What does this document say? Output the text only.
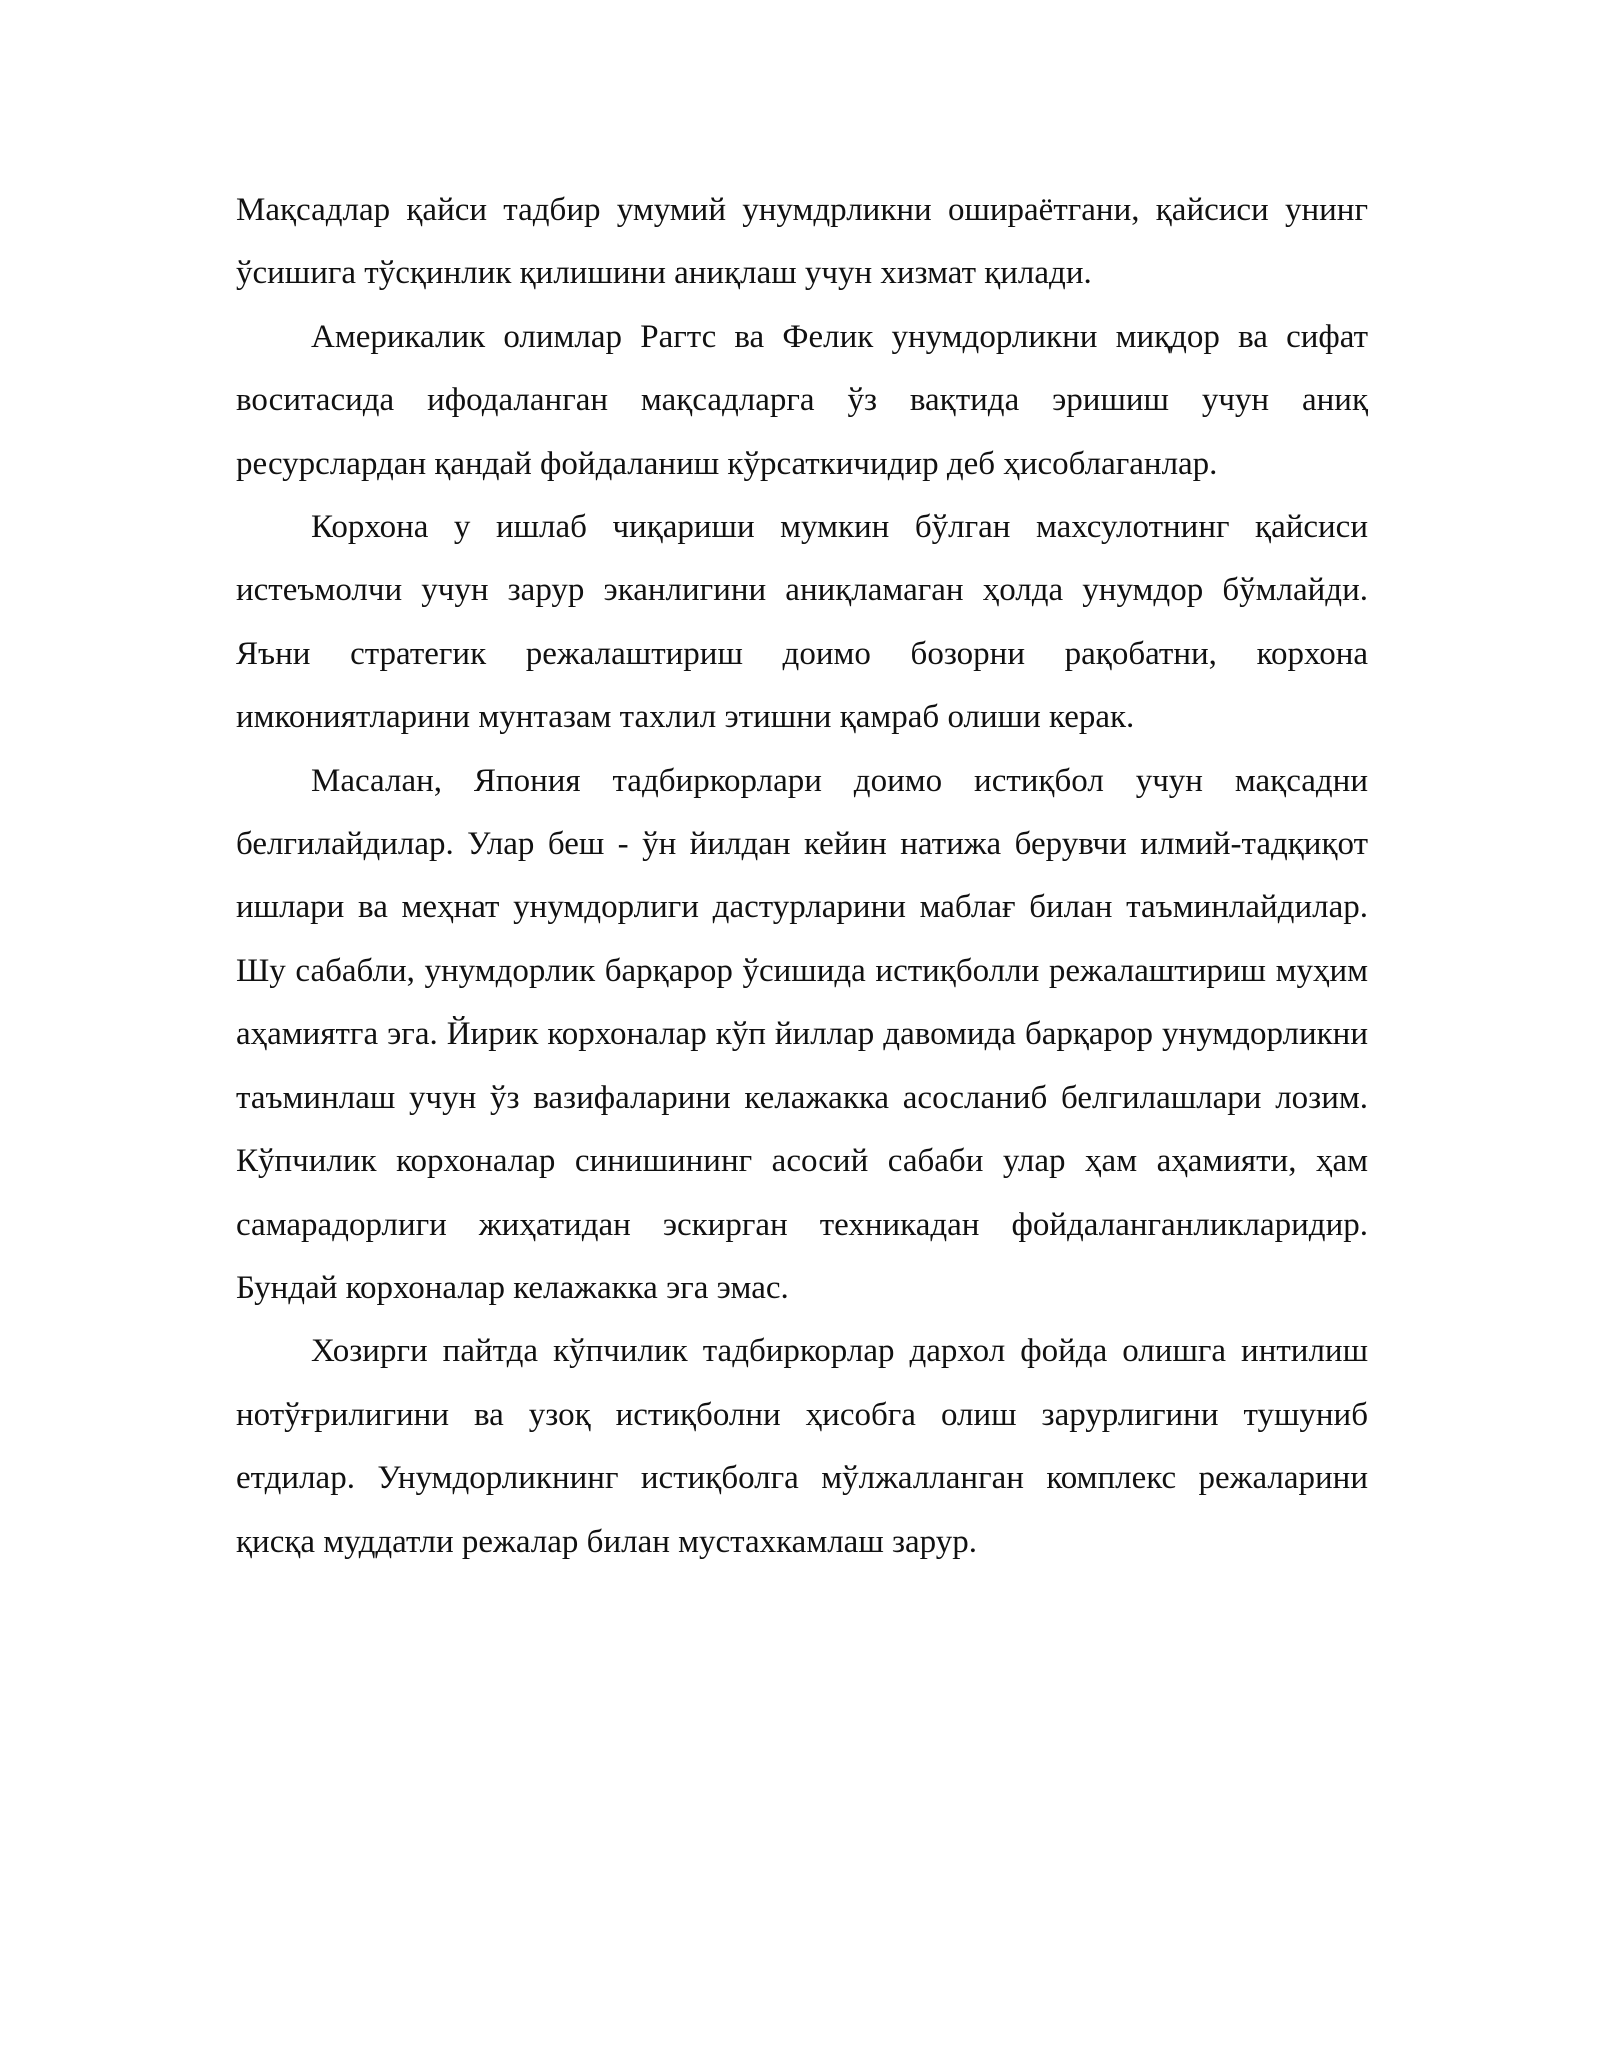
Мақсадлар қайси тадбир умумий унумдрликни ошираётгани, қайсиси унинг ўсишига тўсқинлик қилишини аниқлаш учун хизмат қилади.

Америкалик олимлар Рагтс ва Фелик унумдорликни миқдор ва сифат воситасида ифодаланган мақсадларга ўз вақтида эришиш учун аниқ ресурслардан қандай фойдаланиш кўрсаткичидир деб ҳисоблаганлар.

Корхона у ишлаб чиқариши мумкин бўлган махсулотнинг қайсиси истеъмолчи учун зарур эканлигини аниқламаган ҳолда унумдор бўмлайди. Яъни стратегик режалаштириш доимо бозорни рақобатни, корхона имкониятларини мунтазам тахлил этишни қамраб олиши керак.

Масалан, Япония тадбиркорлари доимо истиқбол учун мақсадни белгилайдилар. Улар беш - ўн йилдан кейин натижа берувчи илмий-тадқиқот ишлари ва меҳнат унумдорлиги дастурларини маблағ билан таъминлайдилар. Шу сабабли, унумдорлик барқарор ўсишида истиқболли режалаштириш муҳим аҳамиятга эга. Йирик корхоналар кўп йиллар давомида барқарор унумдорликни таъминлаш учун ўз вазифаларини келажакка асосланиб белгилашлари лозим. Кўпчилик корхоналар синишининг асосий сабаби улар ҳам аҳамияти, ҳам самарадорлиги жиҳатидан эскирган техникадан фойдаланганликларидир. Бундай корхоналар келажакка эга эмас.

Хозирги пайтда кўпчилик тадбиркорлар дархол фойда олишга интилиш нотўғрилигини ва узоқ истиқболни ҳисобга олиш зарурлигини тушуниб етдилар. Унумдорликнинг истиқболга мўлжалланган комплекс режаларини қисқа муддатли режалар билан мустахкамлаш зарур.
